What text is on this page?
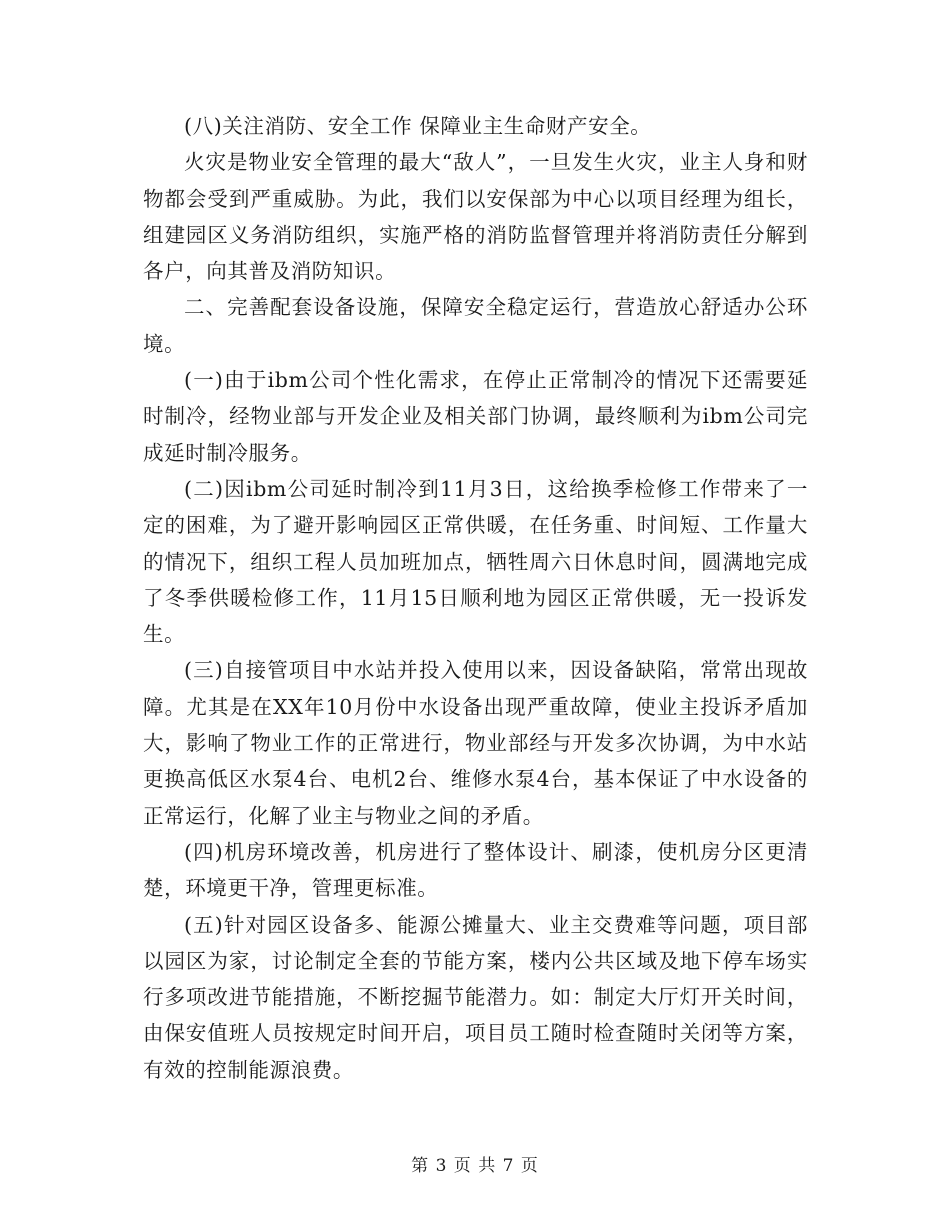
(八)关注消防、安全工作 保障业主生命财产安全。

火灾是物业安全管理的最大“敌人”，一旦发生火灾，业主人身和财物都会受到严重威胁。为此，我们以安保部为中心以项目经理为组长，组建园区义务消防组织，实施严格的消防监督管理并将消防责任分解到各户，向其普及消防知识。

二、完善配套设备设施，保障安全稳定运行，营造放心舒适办公环境。

(一)由于ibm公司个性化需求，在停止正常制冷的情况下还需要延时制冷，经物业部与开发企业及相关部门协调，最终顺利为ibm公司完成延时制冷服务。

(二)因ibm公司延时制冷到11月3日，这给换季检修工作带来了一定的困难，为了避开影响园区正常供暖，在任务重、时间短、工作量大的情况下，组织工程人员加班加点，牺牲周六日休息时间，圆满地完成了冬季供暖检修工作，11月15日顺利地为园区正常供暖，无一投诉发生。

(三)自接管项目中水站并投入使用以来，因设备缺陷，常常出现故障。尤其是在XX年10月份中水设备出现严重故障，使业主投诉矛盾加大，影响了物业工作的正常进行，物业部经与开发多次协调，为中水站更换高低区水泵4台、电机2台、维修水泵4台，基本保证了中水设备的正常运行，化解了业主与物业之间的矛盾。

(四)机房环境改善，机房进行了整体设计、刷漆，使机房分区更清楚，环境更干净，管理更标准。

(五)针对园区设备多、能源公摊量大、业主交费难等问题，项目部以园区为家，讨论制定全套的节能方案，楼内公共区域及地下停车场实行多项改进节能措施，不断挖掘节能潜力。如：制定大厅灯开关时间，由保安值班人员按规定时间开启，项目员工随时检查随时关闭等方案，有效的控制能源浪费。

第 3 页 共 7 页
